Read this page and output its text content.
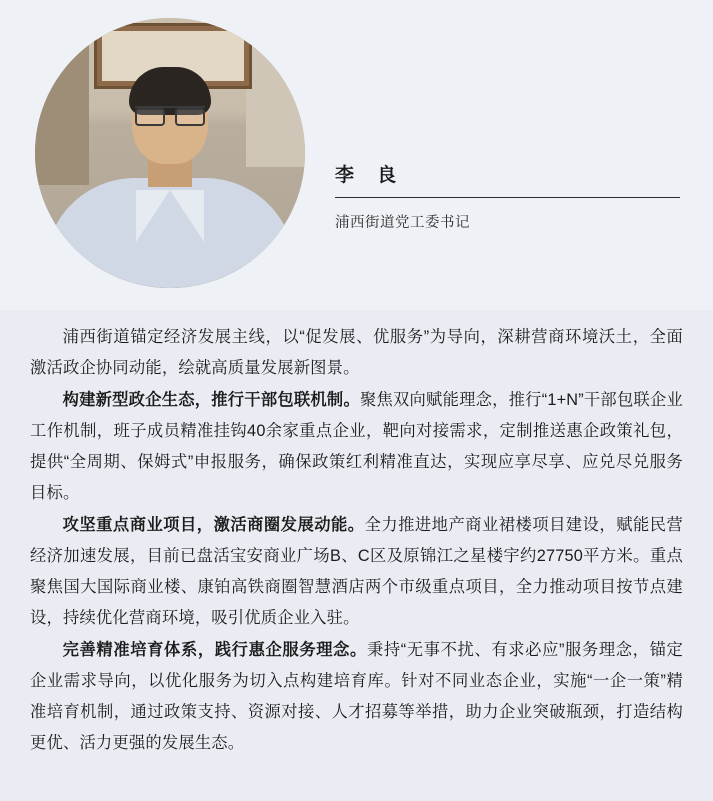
李　良
浦西街道党工委书记

浦西街道锚定经济发展主线，以“促发展、优服务”为导向，深耕营商环境沃土，全面激活政企协同动能，绘就高质量发展新图景。

构建新型政企生态，推行干部包联机制。聚焦双向赋能理念，推行“1+N”干部包联企业工作机制，班子成员精准挂钩40余家重点企业，靶向对接需求，定制推送惠企政策礼包，提供“全周期、保姆式”申报服务，确保政策红利精准直达，实现应享尽享、应兑尽兑服务目标。

攻坚重点商业项目，激活商圈发展动能。全力推进地产商业裙楼项目建设，赋能民营经济加速发展，目前已盘活宝安商业广场B、C区及原锦江之星楼宇约27750平方米。重点聚焦国大国际商业楼、康铂高铁商圈智慧酒店两个市级重点项目，全力推动项目按节点建设，持续优化营商环境，吸引优质企业入驻。

完善精准培育体系，践行惠企服务理念。秉持“无事不扰、有求必应”服务理念，锚定企业需求导向，以优化服务为切入点构建培育库。针对不同业态企业，实施“一企一策”精准培育机制，通过政策支持、资源对接、人才招募等举措，助力企业突破瓶颈，打造结构更优、活力更强的发展生态。
